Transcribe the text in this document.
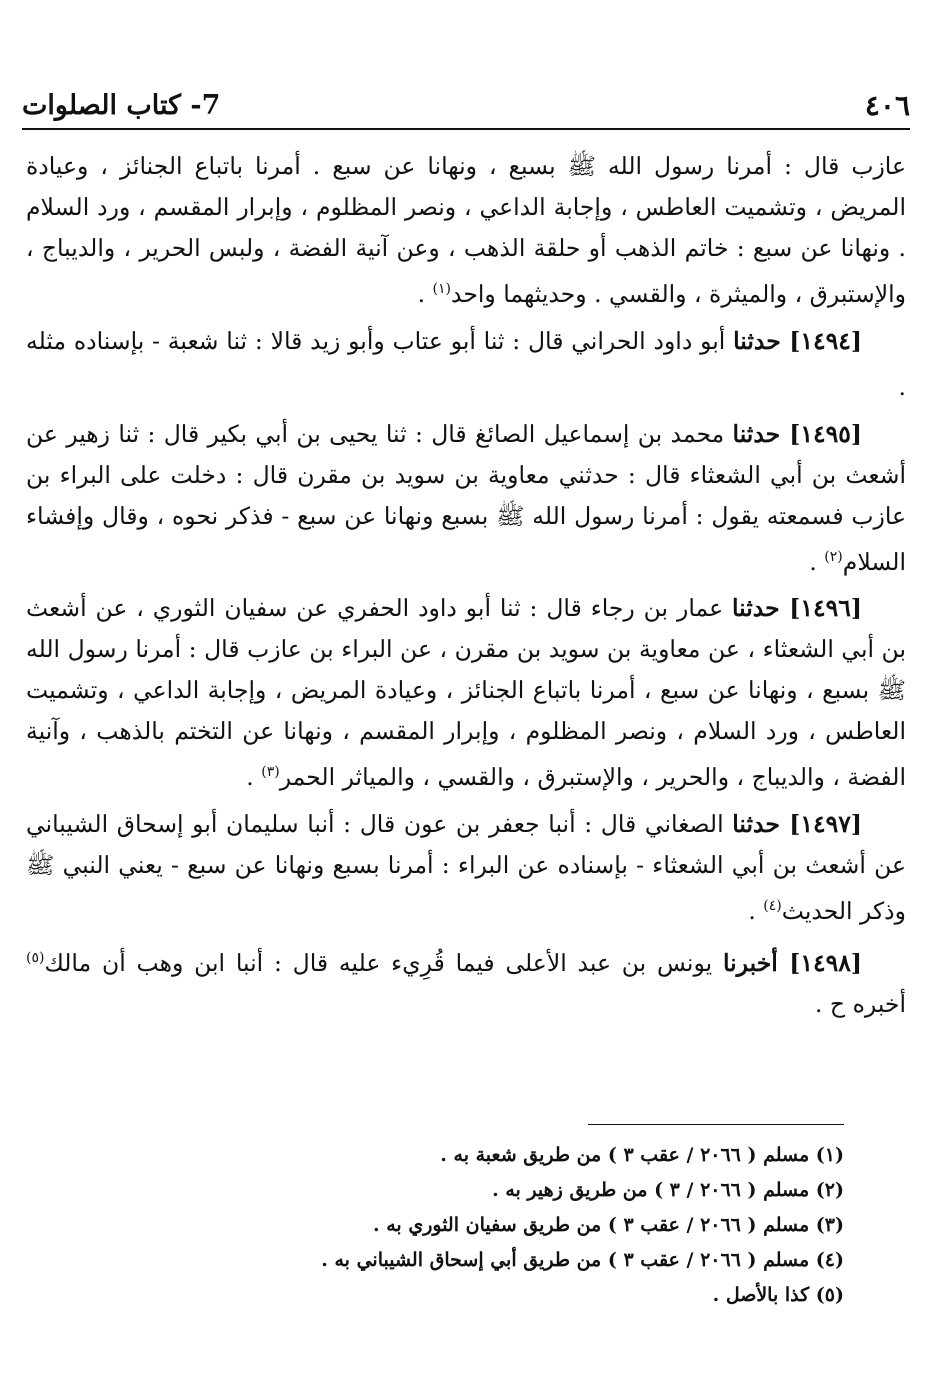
٤٠٦
7- كتاب الصلوات

عازب قال : أمرنا رسول الله ﷺ بسبع ، ونهانا عن سبع . أمرنا باتباع الجنائز ، وعيادة المريض ، وتشميت العاطس ، وإجابة الداعي ، ونصر المظلوم ، وإبرار المقسم ، ورد السلام . ونهانا عن سبع : خاتم الذهب أو حلقة الذهب ، وعن آنية الفضة ، ولبس الحرير ، والديباج ، والإستبرق ، والميثرة ، والقسي . وحديثهما واحد$^{(١)}$ .

[١٤٩٤] حدثنا أبو داود الحراني قال : ثنا أبو عتاب وأبو زيد قالا : ثنا شعبة - بإسناده مثله .

[١٤٩٥] حدثنا محمد بن إسماعيل الصائغ قال : ثنا يحيى بن أبي بكير قال : ثنا زهير عن أشعث بن أبي الشعثاء قال : حدثني معاوية بن سويد بن مقرن قال : دخلت على البراء بن عازب فسمعته يقول : أمرنا رسول الله ﷺ بسبع ونهانا عن سبع - فذكر نحوه ، وقال وإفشاء السلام$^{(٢)}$ .

[١٤٩٦] حدثنا عمار بن رجاء قال : ثنا أبو داود الحفري عن سفيان الثوري ، عن أشعث بن أبي الشعثاء ، عن معاوية بن سويد بن مقرن ، عن البراء بن عازب قال : أمرنا رسول الله ﷺ بسبع ، ونهانا عن سبع ، أمرنا باتباع الجنائز ، وعيادة المريض ، وإجابة الداعي ، وتشميت العاطس ، ورد السلام ، ونصر المظلوم ، وإبرار المقسم ، ونهانا عن التختم بالذهب ، وآنية الفضة ، والديباج ، والحرير ، والإستبرق ، والقسي ، والمياثر الحمر$^{(٣)}$ .

[١٤٩٧] حدثنا الصغاني قال : أنبا جعفر بن عون قال : أنبا سليمان أبو إسحاق الشيباني عن أشعث بن أبي الشعثاء - بإسناده عن البراء : أمرنا بسبع ونهانا عن سبع - يعني النبي ﷺ وذكر الحديث$^{(٤)}$ .

[١٤٩٨] أخبرنا يونس بن عبد الأعلى فيما قُرِيء عليه قال : أنبا ابن وهب أن مالك$^{(٥)}$ أخبره ح .

(١) مسلم ( ٢٠٦٦ / عقب ٣ ) من طريق شعبة به .
(٢) مسلم ( ٢٠٦٦ / ٣ ) من طريق زهير به .
(٣) مسلم ( ٢٠٦٦ / عقب ٣ ) من طريق سفيان الثوري به .
(٤) مسلم ( ٢٠٦٦ / عقب ٣ ) من طريق أبي إسحاق الشيباني به .
(٥) كذا بالأصل .
